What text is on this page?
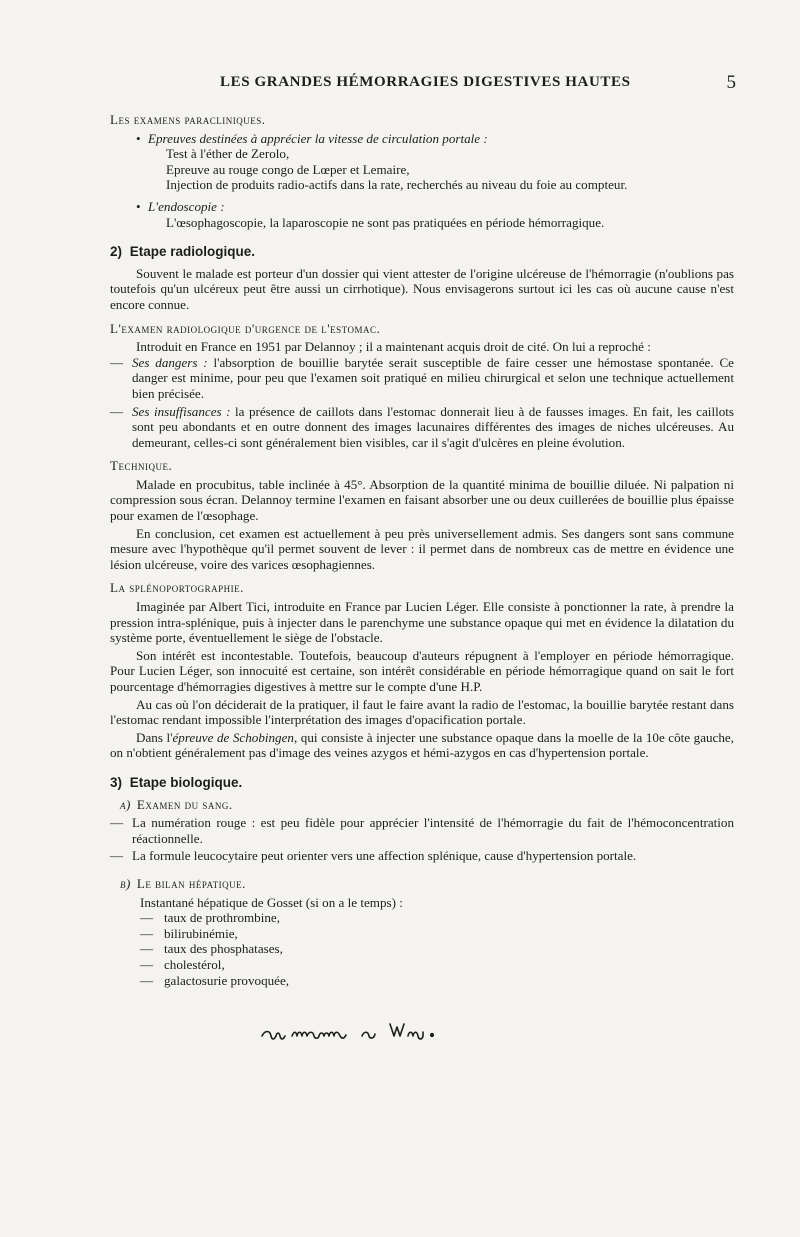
LES GRANDES HÉMORRAGIES DIGESTIVES HAUTES	5
Les examens paracliniques.
• Epreuves destinées à apprécier la vitesse de circulation portale :
Test à l'éther de Zerolo,
Epreuve au rouge congo de Lœper et Lemaire,
Injection de produits radio-actifs dans la rate, recherchés au niveau du foie au compteur.
• L'endoscopie :
L'œsophagoscopie, la laparoscopie ne sont pas pratiquées en période hémorragique.
2) Etape radiologique.

Souvent le malade est porteur d'un dossier qui vient attester de l'origine ulcéreuse de l'hémorragie (n'oublions pas toutefois qu'un ulcéreux peut être aussi un cirrhotique). Nous envisagerons surtout ici les cas où aucune cause n'est encore connue.

L'examen radiologique d'urgence de l'estomac.

Introduit en France en 1951 par Delannoy ; il a maintenant acquis droit de cité. On lui a reproché :

— Ses dangers : l'absorption de bouillie barytée serait susceptible de faire cesser une hémostase spontanée. Ce danger est minime, pour peu que l'examen soit pratiqué en milieu chirurgical et selon une technique actuellement bien précisée.

— Ses insuffisances : la présence de caillots dans l'estomac donnerait lieu à de fausses images. En fait, les caillots sont peu abondants et en outre donnent des images lacunaires différentes des images de niches ulcéreuses. Au demeurant, celles-ci sont généralement bien visibles, car il s'agit d'ulcères en pleine évolution.

Technique.

Malade en procubitus, table inclinée à 45°. Absorption de la quantité minima de bouillie diluée. Ni palpation ni compression sous écran. Delannoy termine l'examen en faisant absorber une ou deux cuillerées de bouillie plus épaisse pour examen de l'œsophage.

En conclusion, cet examen est actuellement à peu près universellement admis. Ses dangers sont sans commune mesure avec l'hypothèque qu'il permet souvent de lever : il permet dans de nombreux cas de mettre en évidence une lésion ulcéreuse, voire des varices œsophagiennes.

La splénoportographie.

Imaginée par Albert Tici, introduite en France par Lucien Léger. Elle consiste à ponctionner la rate, à prendre la pression intra-splénique, puis à injecter dans le parenchyme une substance opaque qui met en évidence la dilatation du système porte, éventuellement le siège de l'obstacle.

Son intérêt est incontestable. Toutefois, beaucoup d'auteurs répugnent à l'employer en période hémorragique. Pour Lucien Léger, son innocuité est certaine, son intérêt considérable en période hémorragique quand on sait le fort pourcentage d'hémorragies digestives à mettre sur le compte d'une H.P.

Au cas où l'on déciderait de la pratiquer, il faut le faire avant la radio de l'estomac, la bouillie barytée restant dans l'estomac rendant impossible l'interprétation des images d'opacification portale.

Dans l'épreuve de Schobingen, qui consiste à injecter une substance opaque dans la moelle de la 10e côte gauche, on n'obtient généralement pas d'image des veines azygos et hémi-azygos en cas d'hypertension portale.

3) Etape biologique.
a) Examen du sang.
— La numération rouge : est peu fidèle pour apprécier l'intensité de l'hémorragie du fait de l'hémoconcentration réactionnelle.

— La formule leucocytaire peut orienter vers une affection splénique, cause d'hypertension portale.

b) Le bilan hépatique.
Instantané hépatique de Gosset (si on a le temps) :
— taux de prothrombine,
— bilirubinémie,
— taux des phosphatases,
— cholestérol,
— galactosurie provoquée,
